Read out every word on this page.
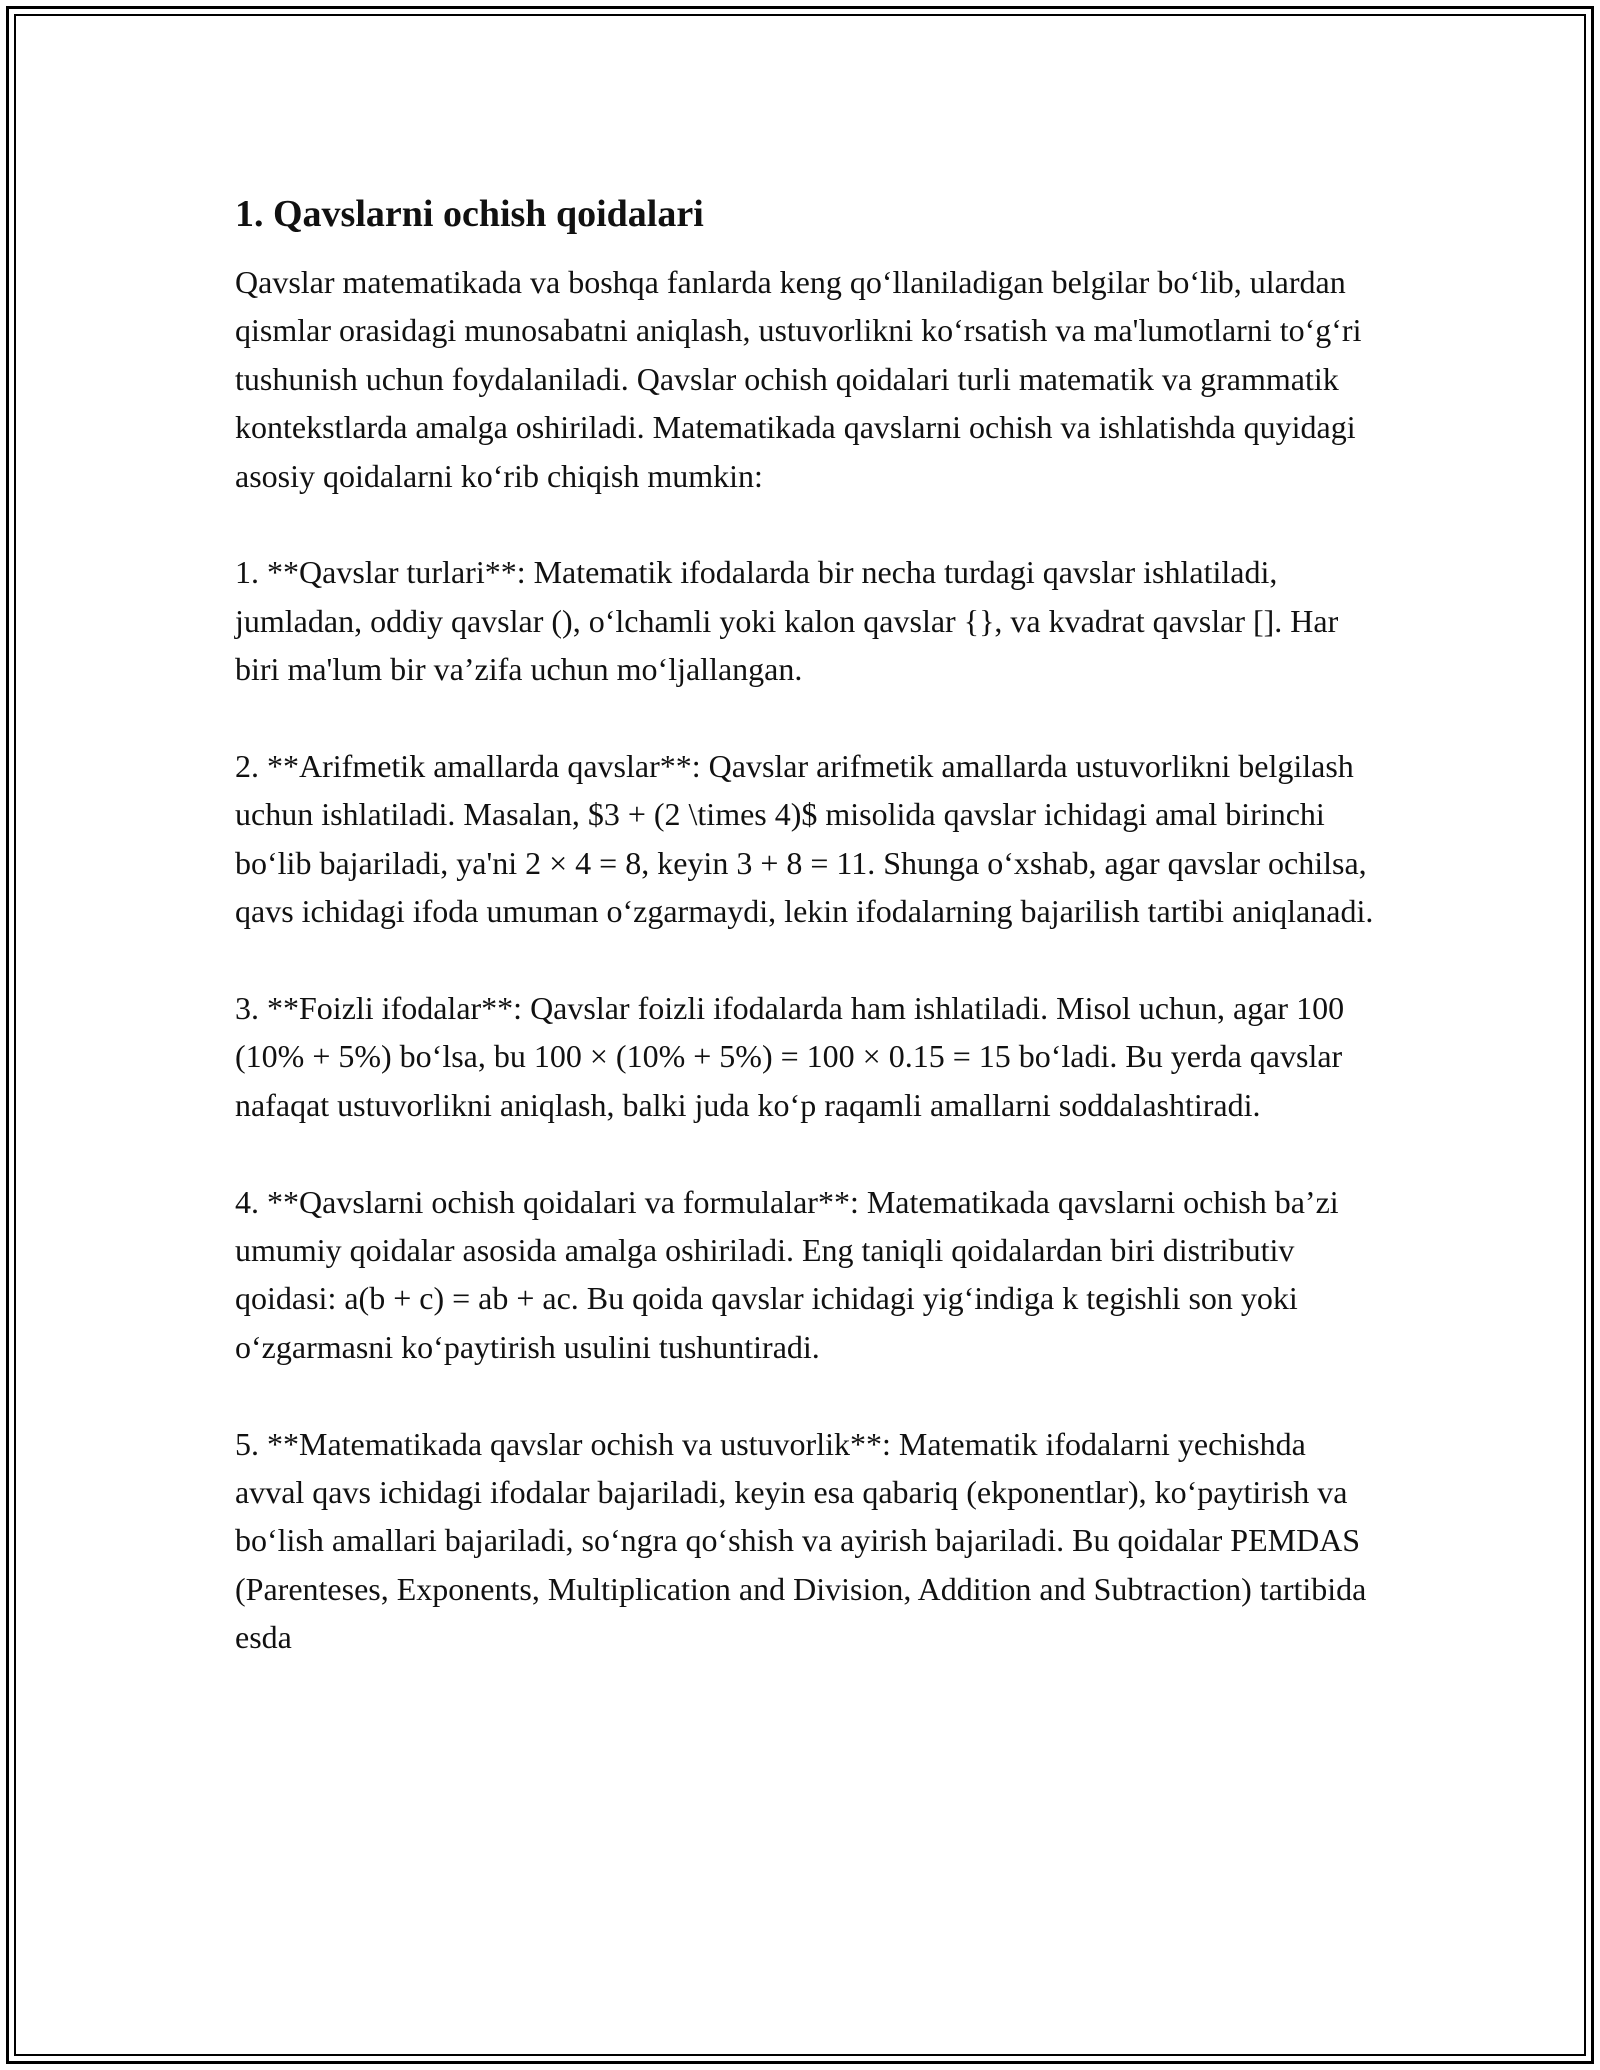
1. Qavslarni ochish qoidalari

Qavslar matematikada va boshqa fanlarda keng qo‘llaniladigan belgilar bo‘lib, ulardan qismlar orasidagi munosabatni aniqlash, ustuvorlikni ko‘rsatish va ma'lumotlarni to‘g‘ri tushunish uchun foydalaniladi. Qavslar ochish qoidalari turli matematik va grammatik kontekstlarda amalga oshiriladi. Matematikada qavslarni ochish va ishlatishda quyidagi asosiy qoidalarni ko‘rib chiqish mumkin:

1. **Qavslar turlari**: Matematik ifodalarda bir necha turdagi qavslar ishlatiladi, jumladan, oddiy qavslar (), o‘lchamli yoki kalon qavslar {}, va kvadrat qavslar []. Har biri ma'lum bir va’zifa uchun mo‘ljallangan.

2. **Arifmetik amallarda qavslar**: Qavslar arifmetik amallarda ustuvorlikni belgilash uchun ishlatiladi. Masalan, $3 + (2 \times 4)$ misolida qavslar ichidagi amal birinchi bo‘lib bajariladi, ya'ni 2 × 4 = 8, keyin 3 + 8 = 11. Shunga o‘xshab, agar qavslar ochilsa, qavs ichidagi ifoda umuman o‘zgarmaydi, lekin ifodalarning bajarilish tartibi aniqlanadi.

3. **Foizli ifodalar**: Qavslar foizli ifodalarda ham ishlatiladi. Misol uchun, agar 100 (10% + 5%) bo‘lsa, bu 100 × (10% + 5%) = 100 × 0.15 = 15 bo‘ladi. Bu yerda qavslar nafaqat ustuvorlikni aniqlash, balki juda ko‘p raqamli amallarni soddalashtiradi.

4. **Qavslarni ochish qoidalari va formulalar**: Matematikada qavslarni ochish ba’zi umumiy qoidalar asosida amalga oshiriladi. Eng taniqli qoidalardan biri distributiv qoidasi: a(b + c) = ab + ac. Bu qoida qavslar ichidagi yig‘indiga k tegishli son yoki o‘zgarmasni ko‘paytirish usulini tushuntiradi.

5. **Matematikada qavslar ochish va ustuvorlik**: Matematik ifodalarni yechishda avval qavs ichidagi ifodalar bajariladi, keyin esa qabariq (ekponentlar), ko‘paytirish va bo‘lish amallari bajariladi, so‘ngra qo‘shish va ayirish bajariladi. Bu qoidalar PEMDAS (Parenteses, Exponents, Multiplication and Division, Addition and Subtraction) tartibida esda
